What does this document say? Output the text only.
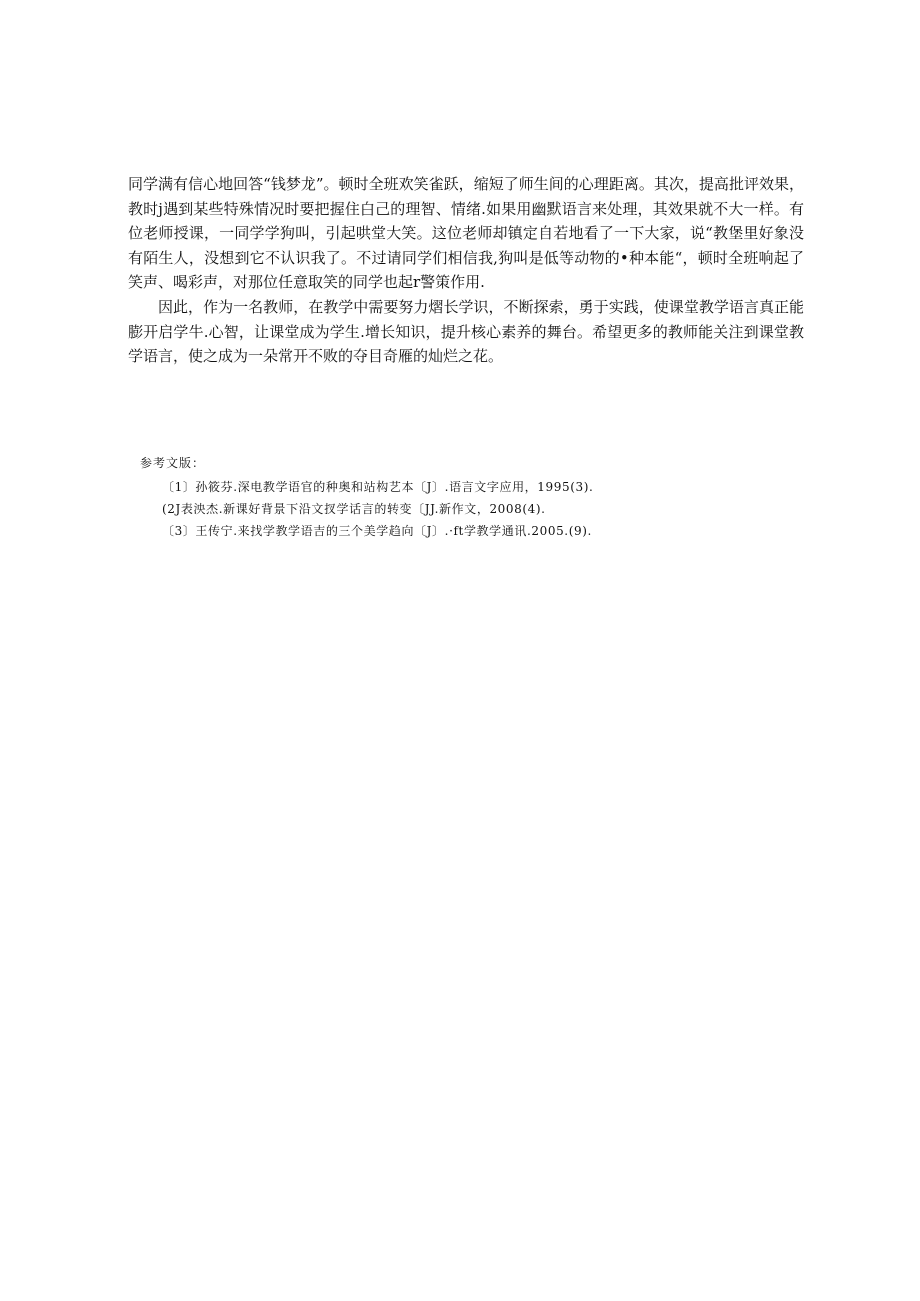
同学满有信心地回答“钱梦龙”。顿时全班欢笑雀跃，缩短了师生间的心理距离。其次，提高批评效果，教时j遇到某些特殊情况时要把握住白己的理智、情绪.如果用幽默语言来处理，其效果就不大一样。有位老师授课，一同学学狗叫，引起哄堂大笑。这位老师却镇定自若地看了一下大家，说“教堡里好象没有陌生人，没想到它不认识我了。不过请同学们相信我,狗叫是低等动物的•种本能“，顿时全班响起了笑声、喝彩声，对那位任意取笑的同学也起r警策作用.

因此，作为一名教师，在教学中需要努力熠长学识，不断探索，勇于实践，使课堂教学语言真正能膨开启学牛.心智，让课堂成为学生.增长知识，提升核心素养的舞台。希望更多的教师能关注到课堂教学语言，使之成为一朵常开不败的夺目奇雁的灿烂之花。

参考文版：

〔1〕孙筱芬.深电教学语官的种奥和站构艺本〔J〕.语言文字应用，1995(3).

(2J表泱杰.新课好背景下沿文扠学话言的转变〔JJ.新作文，2008(4).

〔3〕王传宁.来找学教学语吉的三个美学趋向〔J〕.·ft学教学通讯.2005.(9).
